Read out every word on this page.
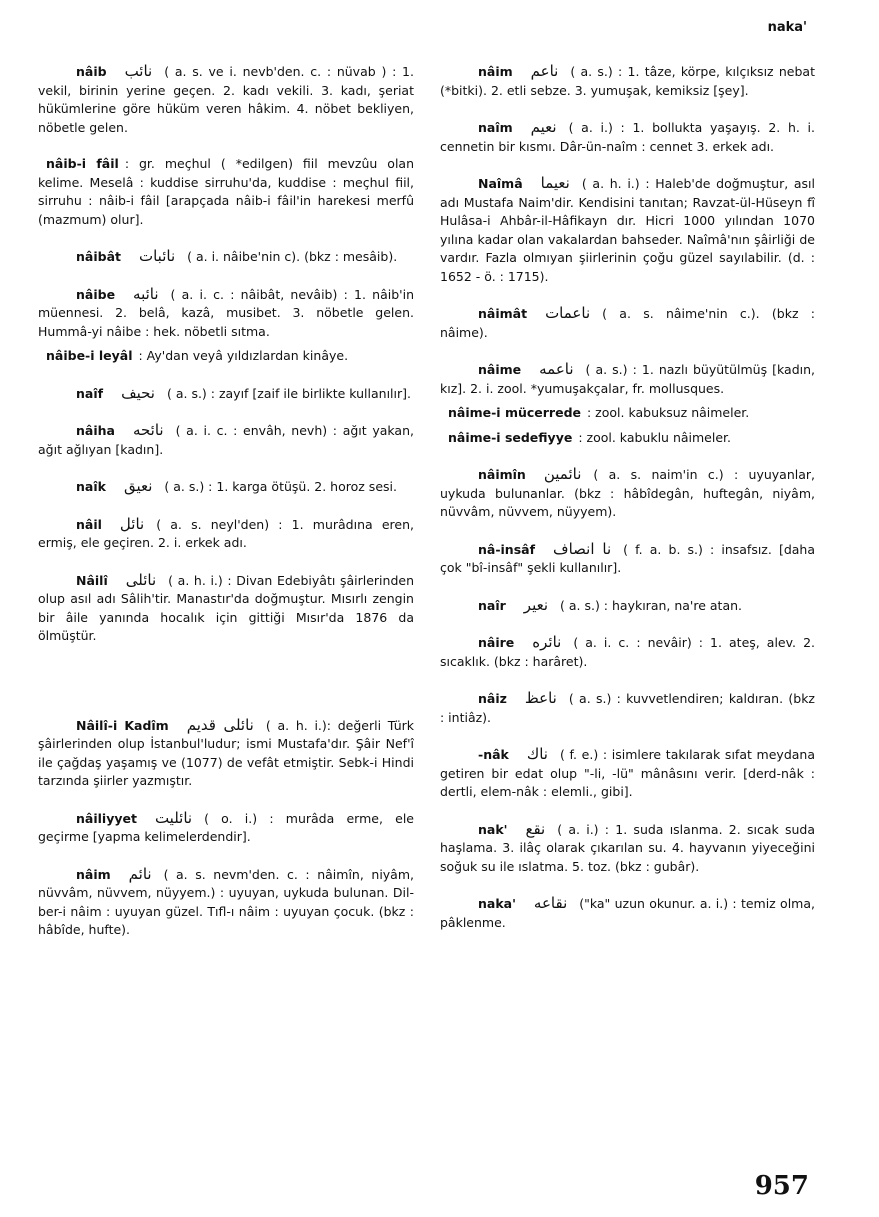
naka'
nâib نائب ( a. s. ve i. nevb'den. c. : nüvab ) : 1. vekil, birinin yerine geçen. 2. kadı vekili. 3. kadı, şeriat hükümlerine göre hüküm veren hâkim. 4. nöbet bekliyen, nöbetle gelen.
nâib-i fâil : gr. meçhul ( *edilgen) fiil mevzûu olan kelime. Meselâ : kuddise sirruhu'da, kuddise : meçhul fiil, sirruhu : nâib-i fâil [arapçada nâib-i fâil'in harekesi merfû (mazmum) olur].
nâibât نائبات ( a. i. nâibe'nin c). (bkz : mesâib).
nâibe نائبه ( a. i. c. : nâibât, nevâib) : 1. nâib'in müennesi. 2. belâ, kazâ, musibet. 3. nöbetle gelen. Hummâ-yi nâibe : hek. nöbetli sıtma.
nâibe-i leyâl : Ay'dan veyâ yıldızlardan kinâye.
naîf نحيف ( a. s.) : zayıf [zaif ile birlikte kullanılır].
nâiha نائحه ( a. i. c. : envâh, nevh) : ağıt yakan, ağıt ağlıyan [kadın].
naîk نعيق ( a. s.) : 1. karga ötüşü. 2. horoz sesi.
nâil نائل ( a. s. neyl'den) : 1. murâdına eren, ermiş, ele geçiren. 2. i. erkek adı.
Nâilî نائلى ( a. h. i.) : Divan Edebiyâtı şâirlerinden olup asıl adı Sâlih'tir. Manastır'da doğmuştur. Mısırlı zengin bir âile yanında hocalık için gittiği Mısır'da 1876 da ölmüştür.
Nâilî-i Kadîm نائلى قديم ( a. h. i.): değerli Türk şâirlerinden olup İstanbul'ludur; ismi Mustafa'dır. Şâir Nef'î ile çağdaş yaşamış ve (1077) de vefât etmiştir. Sebk-i Hindi tarzında şiirler yazmıştır.
nâiliyyet نائليت ( o. i.) : murâda erme, ele geçirme [yapma kelimelerdendir].
nâim نائم ( a. s. nevm'den. c. : nâimîn, niyâm, nüvvâm, nüvvem, nüyyem.) : uyuyan, uykuda bulunan. Dil-ber-i nâim : uyuyan güzel. Tıfl-ı nâim : uyuyan çocuk. (bkz : hâbîde, hufte).
nâim ناعم ( a. s.) : 1. tâze, körpe, kılçıksız nebat (*bitki). 2. etli sebze. 3. yumuşak, kemiksiz [şey].
naîm نعيم ( a. i.) : 1. bollukta yaşayış. 2. h. i. cennetin bir kısmı. Dâr-ün-naîm : cennet 3. erkek adı.
Naîmâ نعيما ( a. h. i.) : Haleb'de doğmuştur, asıl adı Mustafa Naim'dir. Kendisini tanıtan; Ravzat-ül-Hüseyn fî Hulâsa-i Ahbâr-il-Hâfikayn dır. Hicri 1000 yılından 1070 yılına kadar olan vakalardan bahseder. Naîmâ'nın şâirliği de vardır. Fazla olmıyan şiirlerinin çoğu güzel sayılabilir. (d. : 1652 - ö. : 1715).
nâimât ناعمات ( a. s. nâime'nin c.). (bkz : nâime).
nâime ناعمه ( a. s.) : 1. nazlı büyütülmüş [kadın, kız]. 2. i. zool. *yumuşakçalar, fr. mollusques.
nâime-i mücerrede : zool. kabuksuz nâimeler.
nâime-i sedefiyye : zool. kabuklu nâimeler.
nâimîn نائمين ( a. s. naim'in c.) : uyuyanlar, uykuda bulunanlar. (bkz : hâbîdegân, huftegân, niyâm, nüvvâm, nüvvem, nüyyem).
nâ-insâf نا انصاف ( f. a. b. s.) : insafsız. [daha çok "bî-insâf" şekli kullanılır].
naîr نعير ( a. s.) : haykıran, na're atan.
nâire نائره ( a. i. c. : nevâir) : 1. ateş, alev. 2. sıcaklık. (bkz : harâret).
nâiz ناعظ ( a. s.) : kuvvetlendiren; kaldıran. (bkz : intiâz).
-nâk ناك ( f. e.) : isimlere takılarak sıfat meydana getiren bir edat olup "-li, -lü" mânâsını verir. [derd-nâk : dertli, elem-nâk : elemli., gibi].
nak' نقع ( a. i.) : 1. suda ıslanma. 2. sıcak suda haşlama. 3. ilâç olarak çıkarılan su. 4. hayvanın yiyeceğini soğuk su ile ıslatma. 5. toz. (bkz : gubâr).
naka' نقاعه ("ka" uzun okunur. a. i.) : temiz olma, pâklenme.
957
